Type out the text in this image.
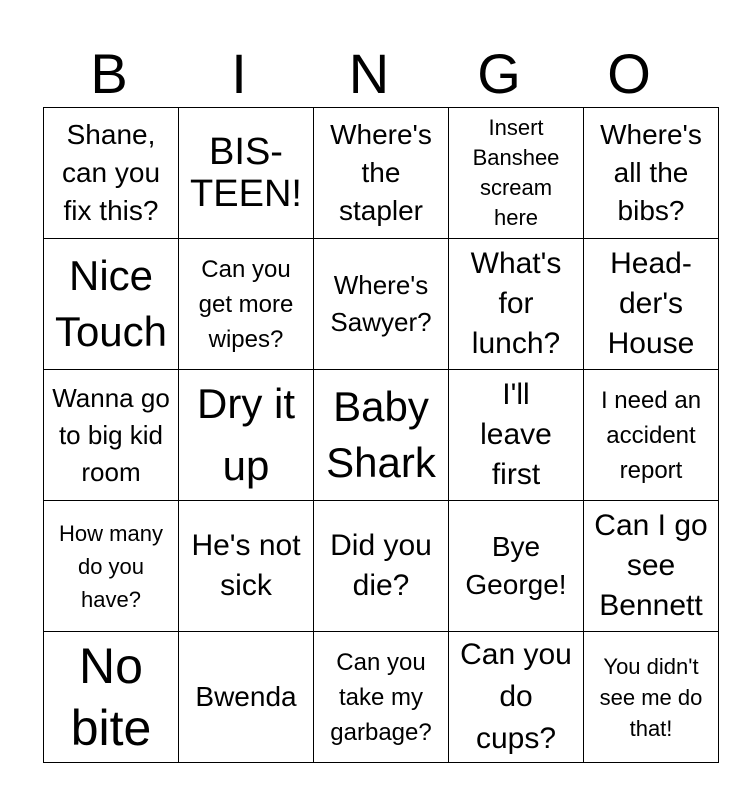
B	I	N	G	O
Shane, can you fix this?	BIS-TEEN!	Where's the stapler	Insert Banshee scream here	Where's all the bibs?

Nice Touch	Can you get more wipes?	Where's Sawyer?	What's for lunch?	Head-der's House

Wanna go to big kid room	Dry it up	Baby Shark	I'll leave first	I need an accident report

How many do you have?	He's not sick	Did you die?	Bye George!	Can I go see Bennett

No bite	Bwenda	Can you take my garbage?	Can you do cups?	You didn't see me do that!
